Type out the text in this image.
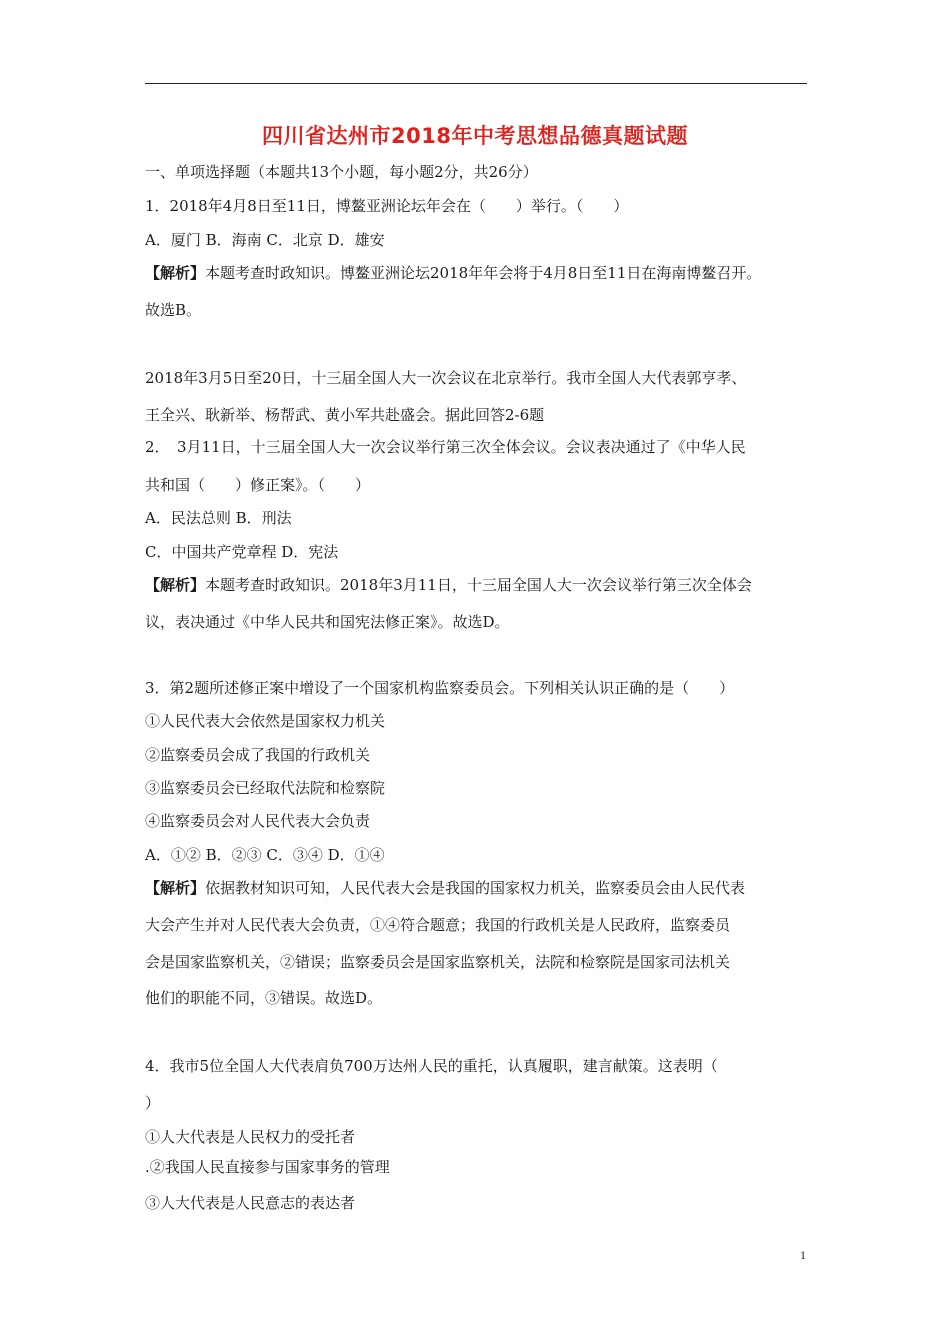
四川省达州市2018年中考思想品德真题试题
一、单项选择题（本题共13个小题，每小题2分，共26分）
1．2018年4月8日至11日，博鳌亚洲论坛年会在（　　）举行。（　　）
A．厦门 B．海南 C．北京 D．雄安
【解析】本题考查时政知识。博鳌亚洲论坛2018年年会将于4月8日至11日在海南博鳌召开。
故选B。
2018年3月5日至20日，十三届全国人大一次会议在北京举行。我市全国人大代表郭亨孝、
王全兴、耿新举、杨帮武、黄小军共赴盛会。据此回答2-6题
2．　3月11日，十三届全国人大一次会议举行第三次全体会议。会议表决通过了《中华人民
共和国（　　）修正案》。（　　）
A．民法总则 B．刑法
C．中国共产党章程 D．宪法
【解析】本题考查时政知识。2018年3月11日，十三届全国人大一次会议举行第三次全体会
议，表决通过《中华人民共和国宪法修正案》。故选D。
3．第2题所述修正案中增设了一个国家机构监察委员会。下列相关认识正确的是（　　）
①人民代表大会依然是国家权力机关
②监察委员会成了我国的行政机关
③监察委员会已经取代法院和检察院
④监察委员会对人民代表大会负责
A．①② B．②③ C．③④ D．①④
【解析】依据教材知识可知，人民代表大会是我国的国家权力机关，监察委员会由人民代表
大会产生并对人民代表大会负责，①④符合题意；我国的行政机关是人民政府，监察委员
会是国家监察机关，②错误；监察委员会是国家监察机关，法院和检察院是国家司法机关
他们的职能不同，③错误。故选D。
4．我市5位全国人大代表肩负700万达州人民的重托，认真履职，建言献策。这表明（
）
①人大代表是人民权力的受托者
.②我国人民直接参与国家事务的管理
③人大代表是人民意志的表达者
1
